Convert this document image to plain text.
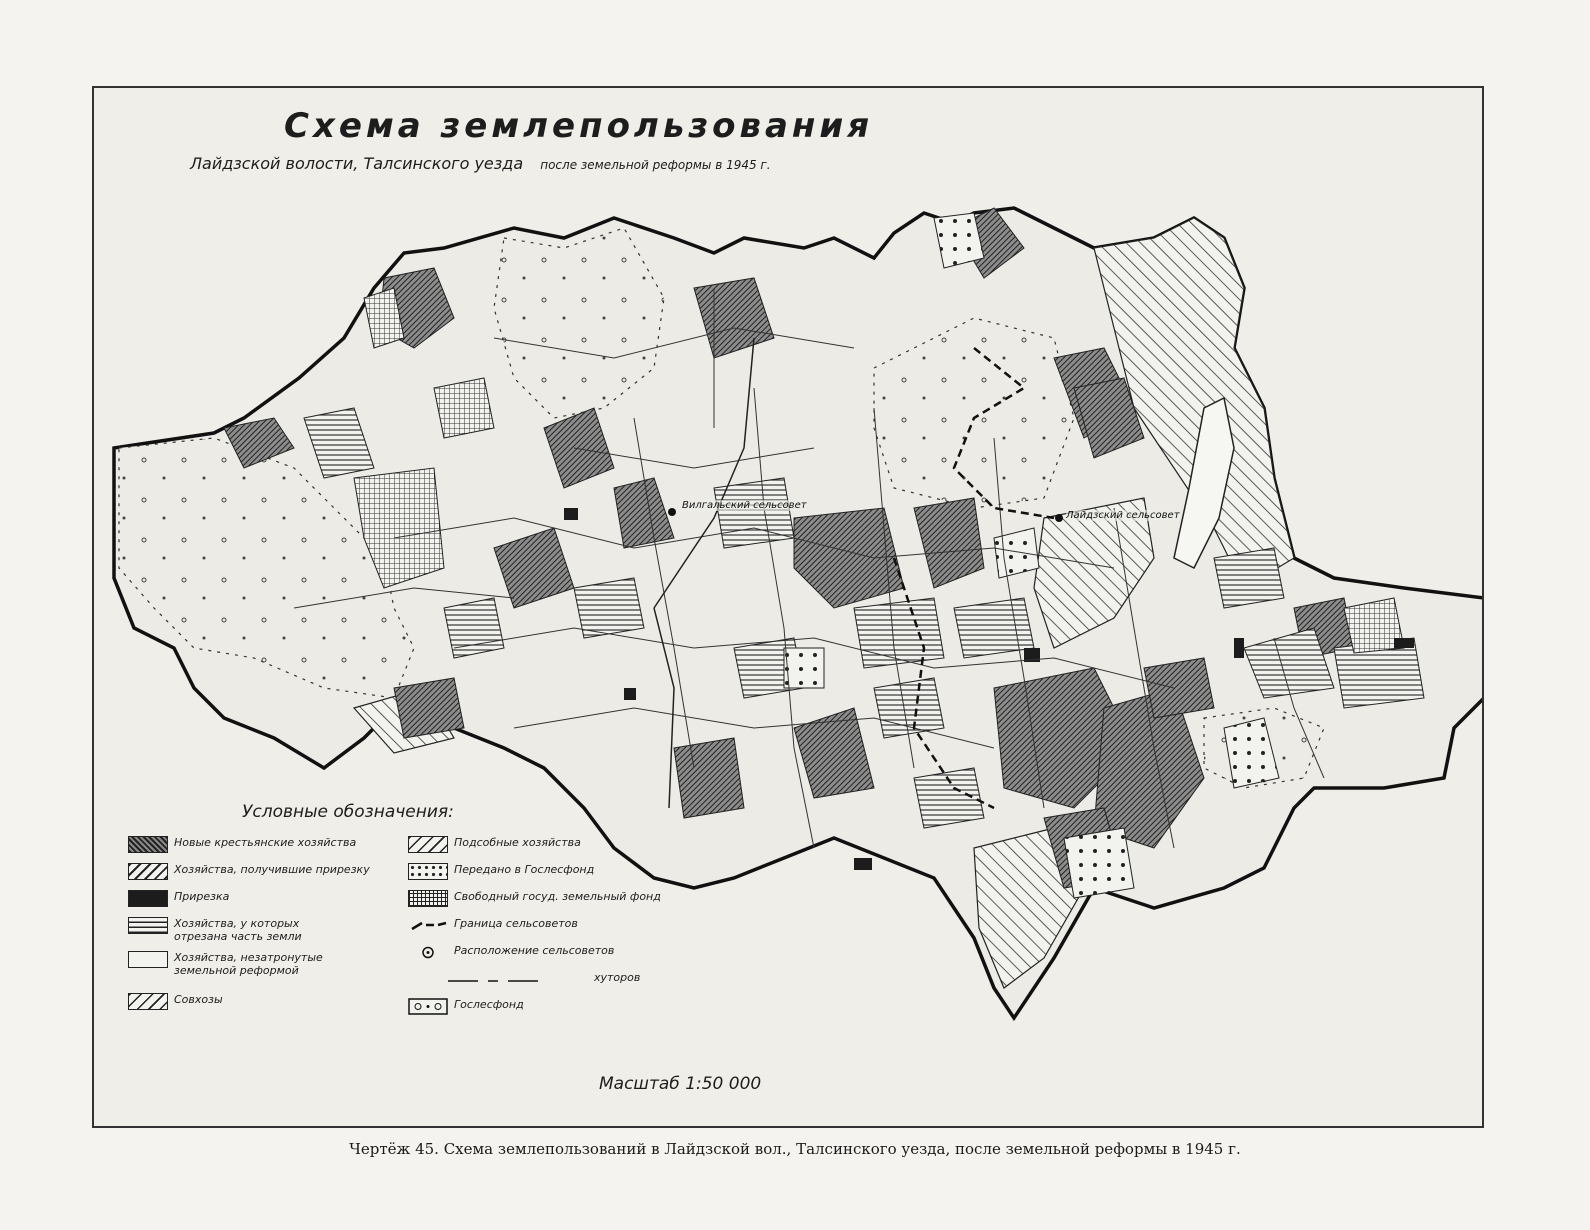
Схема землепользования
Лайдзской волости, Талсинского уезда после земельной реформы в 1945 г.
Вилгальский сельсовет
Лайдзский сельсовет
Условные обозначения:
Новые крестьянские хозяйства
Хозяйства, получившие прирезку
Прирезка
Хозяйства, у которых отрезана часть земли
Хозяйства, незатронутые земельной реформой
Совхозы
Подсобные хозяйства
Передано в Гослесфонд
Свободный госуд. земельный фонд
Граница сельсоветов
Расположение сельсоветов
хуторов
Гослесфонд
Масштаб 1:50 000
Чертёж 45. Схема землепользований в Лайдзской вол., Талсинского уезда, после земельной реформы в 1945 г.
